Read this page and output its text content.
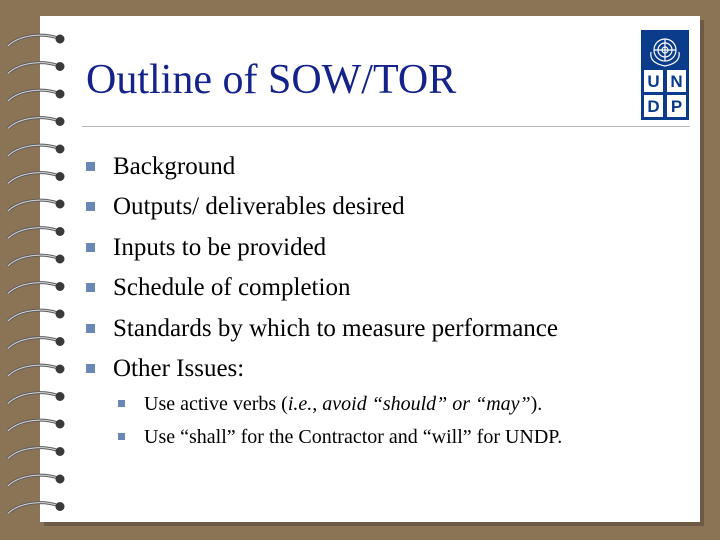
Outline of SOW/TOR	U N
D P
Background
Outputs/ deliverables desired
Inputs to be provided
Schedule of completion
Standards by which to measure performance
Other Issues:
Use active verbs (i.e., avoid “should” or “may”).
Use “shall” for the Contractor and “will” for UNDP.
